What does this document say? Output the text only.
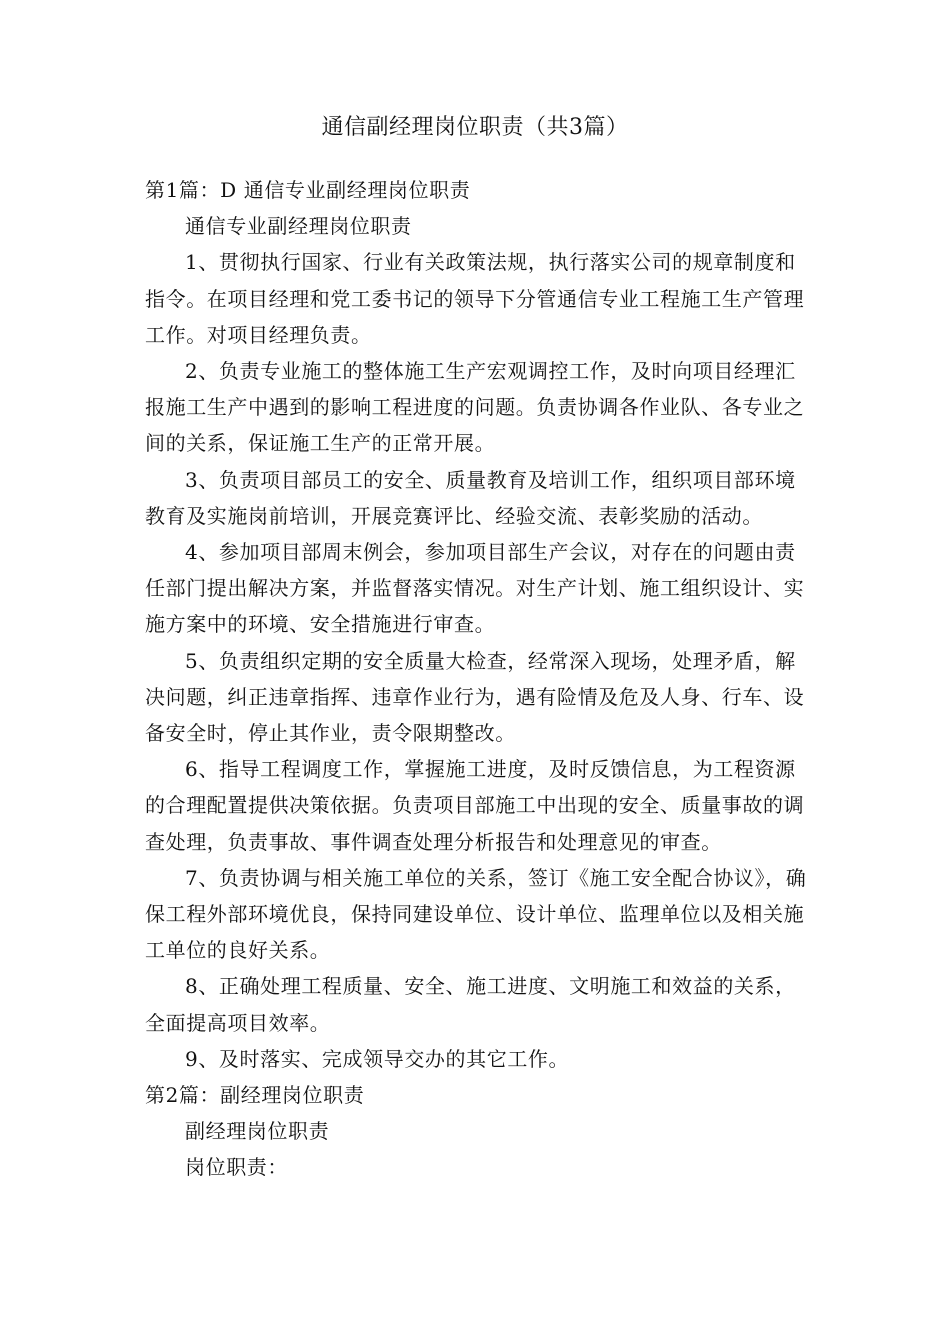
通信副经理岗位职责（共3篇）

第1篇：D 通信专业副经理岗位职责

通信专业副经理岗位职责

1、贯彻执行国家、行业有关政策法规，执行落实公司的规章制度和指令。在项目经理和党工委书记的领导下分管通信专业工程施工生产管理工作。对项目经理负责。

2、负责专业施工的整体施工生产宏观调控工作，及时向项目经理汇报施工生产中遇到的影响工程进度的问题。负责协调各作业队、各专业之间的关系，保证施工生产的正常开展。

3、负责项目部员工的安全、质量教育及培训工作，组织项目部环境教育及实施岗前培训，开展竞赛评比、经验交流、表彰奖励的活动。

4、参加项目部周末例会，参加项目部生产会议，对存在的问题由责任部门提出解决方案，并监督落实情况。对生产计划、施工组织设计、实施方案中的环境、安全措施进行审查。

5、负责组织定期的安全质量大检查，经常深入现场，处理矛盾，解决问题，纠正违章指挥、违章作业行为，遇有险情及危及人身、行车、设备安全时，停止其作业，责令限期整改。

6、指导工程调度工作，掌握施工进度，及时反馈信息，为工程资源的合理配置提供决策依据。负责项目部施工中出现的安全、质量事故的调查处理，负责事故、事件调查处理分析报告和处理意见的审查。

7、负责协调与相关施工单位的关系，签订《施工安全配合协议》，确保工程外部环境优良，保持同建设单位、设计单位、监理单位以及相关施工单位的良好关系。

8、正确处理工程质量、安全、施工进度、文明施工和效益的关系，全面提高项目效率。

9、及时落实、完成领导交办的其它工作。

第2篇：副经理岗位职责

副经理岗位职责

岗位职责：
